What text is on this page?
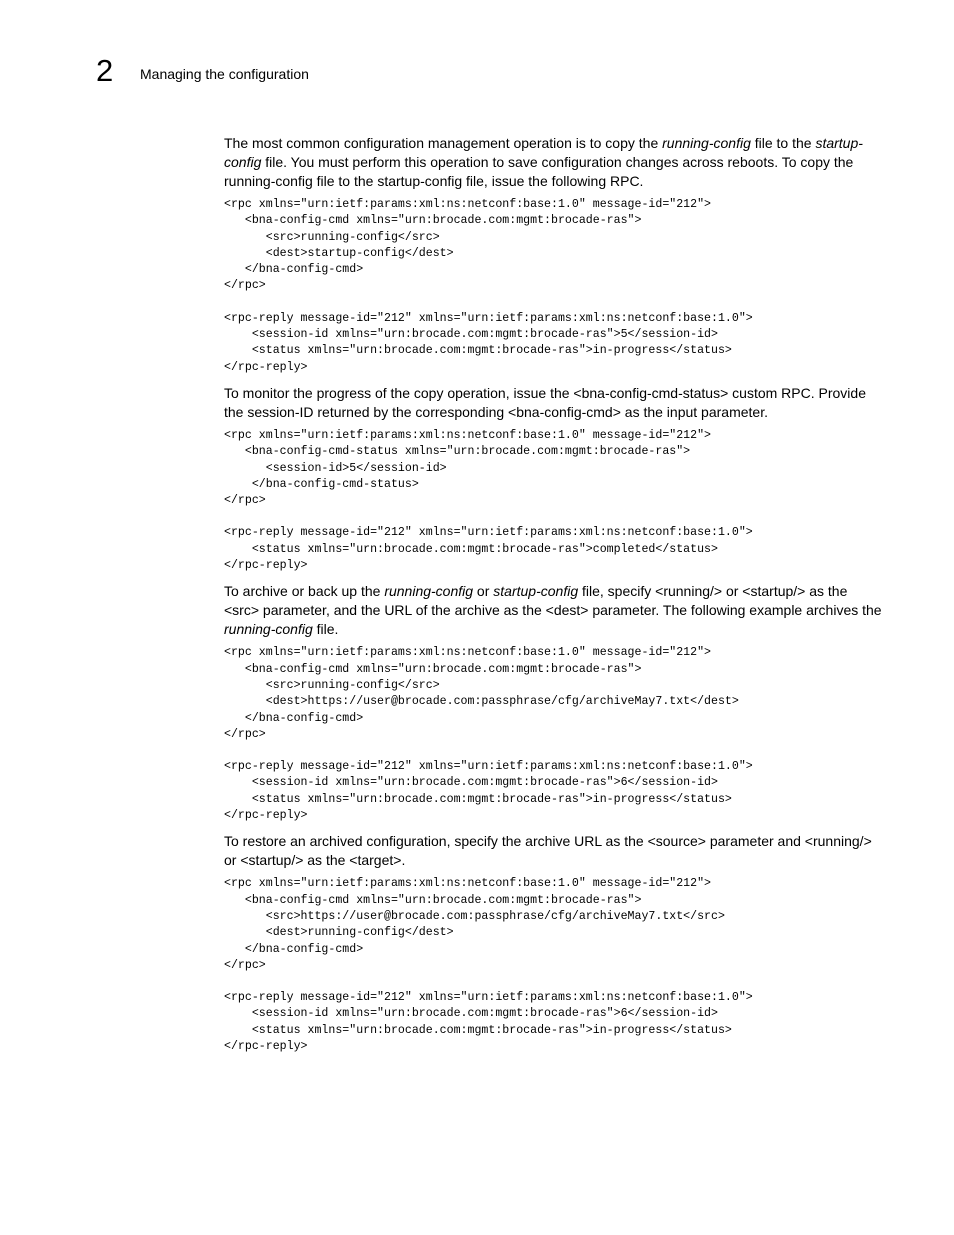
2 Managing the configuration

The most common configuration management operation is to copy the running-config file to the startup-config file. You must perform this operation to save configuration changes across reboots. To copy the running-config file to the startup-config file, issue the following RPC.

<rpc xmlns="urn:ietf:params:xml:ns:netconf:base:1.0" message-id="212">
<bna-config-cmd xmlns="urn:brocade.com:mgmt:brocade-ras">
<src>running-config</src>
<dest>startup-config</dest>
</bna-config-cmd>
</rpc>
<rpc-reply message-id="212" xmlns="urn:ietf:params:xml:ns:netconf:base:1.0">
<session-id xmlns="urn:brocade.com:mgmt:brocade-ras">5</session-id>
<status xmlns="urn:brocade.com:mgmt:brocade-ras">in-progress</status>
</rpc-reply>

To monitor the progress of the copy operation, issue the <bna-config-cmd-status> custom RPC. Provide the session-ID returned by the corresponding <bna-config-cmd> as the input parameter.

<rpc xmlns="urn:ietf:params:xml:ns:netconf:base:1.0" message-id="212">
<bna-config-cmd-status xmlns="urn:brocade.com:mgmt:brocade-ras">
<session-id>5</session-id>
</bna-config-cmd-status>
</rpc>
<rpc-reply message-id="212" xmlns="urn:ietf:params:xml:ns:netconf:base:1.0">
<status xmlns="urn:brocade.com:mgmt:brocade-ras">completed</status>
</rpc-reply>

To archive or back up the running-config or startup-config file, specify <running/> or <startup/> as the <src> parameter, and the URL of the archive as the <dest> parameter. The following example archives the running-config file.

<rpc xmlns="urn:ietf:params:xml:ns:netconf:base:1.0" message-id="212">
<bna-config-cmd xmlns="urn:brocade.com:mgmt:brocade-ras">
<src>running-config</src>
<dest>https://user@brocade.com:passphrase/cfg/archiveMay7.txt</dest>
</bna-config-cmd>
</rpc>
<rpc-reply message-id="212" xmlns="urn:ietf:params:xml:ns:netconf:base:1.0">
<session-id xmlns="urn:brocade.com:mgmt:brocade-ras">6</session-id>
<status xmlns="urn:brocade.com:mgmt:brocade-ras">in-progress</status>
</rpc-reply>

To restore an archived configuration, specify the archive URL as the <source> parameter and <running/> or <startup/> as the <target>.

<rpc xmlns="urn:ietf:params:xml:ns:netconf:base:1.0" message-id="212">
<bna-config-cmd xmlns="urn:brocade.com:mgmt:brocade-ras">
<src>https://user@brocade.com:passphrase/cfg/archiveMay7.txt</src>
<dest>running-config</dest>
</bna-config-cmd>
</rpc>
<rpc-reply message-id="212" xmlns="urn:ietf:params:xml:ns:netconf:base:1.0">
<session-id xmlns="urn:brocade.com:mgmt:brocade-ras">6</session-id>
<status xmlns="urn:brocade.com:mgmt:brocade-ras">in-progress</status>
</rpc-reply>
